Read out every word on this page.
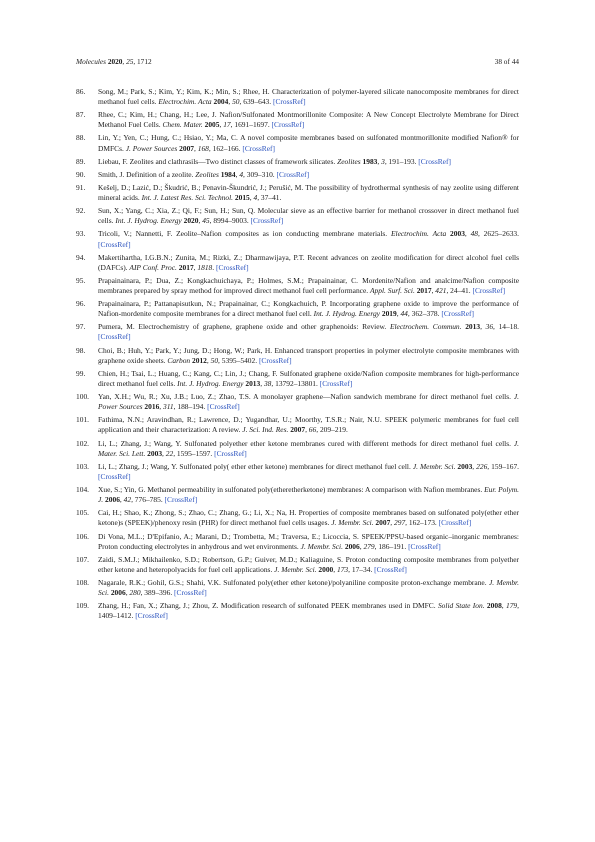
Molecules 2020, 25, 1712	38 of 44
86. Song, M.; Park, S.; Kim, Y.; Kim, K.; Min, S.; Rhee, H. Characterization of polymer-layered silicate nanocomposite membranes for direct methanol fuel cells. Electrochim. Acta 2004, 50, 639–643. [CrossRef]
87. Rhee, C.; Kim, H.; Chang, H.; Lee, J. Nafion/Sulfonated Montmorillonite Composite: A New Concept Electrolyte Membrane for Direct Methanol Fuel Cells. Chem. Mater. 2005, 17, 1691–1697. [CrossRef]
88. Lin, Y.; Yen, C.; Hung, C.; Hsiao, Y.; Ma, C. A novel composite membranes based on sulfonated montmorillonite modified Nafion® for DMFCs. J. Power Sources 2007, 168, 162–166. [CrossRef]
89. Liebau, F. Zeolites and clathrasils—Two distinct classes of framework silicates. Zeolites 1983, 3, 191–193. [CrossRef]
90. Smith, J. Definition of a zeolite. Zeolites 1984, 4, 309–310. [CrossRef]
91. Kešelj, D.; Lazić, D.; Škudrić, B.; Penavin-Škundrić, J.; Perušić, M. The possibility of hydrothermal synthesis of nay zeolite using different mineral acids. Int. J. Latest Res. Sci. Technol. 2015, 4, 37–41.
92. Sun, X.; Yang, C.; Xia, Z.; Qi, F.; Sun, H.; Sun, Q. Molecular sieve as an effective barrier for methanol crossover in direct methanol fuel cells. Int. J. Hydrog. Energy 2020, 45, 8994–9003. [CrossRef]
93. Tricoli, V.; Nannetti, F. Zeolite–Nafion composites as ion conducting membrane materials. Electrochim. Acta 2003, 48, 2625–2633. [CrossRef]
94. Makertihartha, I.G.B.N.; Zunita, M.; Rizki, Z.; Dharmawijaya, P.T. Recent advances on zeolite modification for direct alcohol fuel cells (DAFCs). AIP Conf. Proc. 2017, 1818. [CrossRef]
95. Prapainainara, P.; Dua, Z.; Kongkachuichaya, P.; Holmes, S.M.; Prapainainar, C. Mordenite/Nafion and analcime/Nafion composite membranes prepared by spray method for improved direct methanol fuel cell performance. Appl. Surf. Sci. 2017, 421, 24–41. [CrossRef]
96. Prapainainara, P.; Pattanapisutkun, N.; Prapainainar, C.; Kongkachuich, P. Incorporating graphene oxide to improve the performance of Nafion-mordenite composite membranes for a direct methanol fuel cell. Int. J. Hydrog. Energy 2019, 44, 362–378. [CrossRef]
97. Pumera, M. Electrochemistry of graphene, graphene oxide and other graphenoids: Review. Electrochem. Commun. 2013, 36, 14–18. [CrossRef]
98. Choi, B.; Huh, Y.; Park, Y.; Jung, D.; Hong, W.; Park, H. Enhanced transport properties in polymer electrolyte composite membranes with graphene oxide sheets. Carbon 2012, 50, 5395–5402. [CrossRef]
99. Chien, H.; Tsai, L.; Huang, C.; Kang, C.; Lin, J.; Chang, F. Sulfonated graphene oxide/Nafion composite membranes for high-performance direct methanol fuel cells. Int. J. Hydrog. Energy 2013, 38, 13792–13801. [CrossRef]
100. Yan, X.H.; Wu, R.; Xu, J.B.; Luo, Z.; Zhao, T.S. A monolayer graphene—Nafion sandwich membrane for direct methanol fuel cells. J. Power Sources 2016, 311, 188–194. [CrossRef]
101. Fathima, N.N.; Aravindhan, R.; Lawrence, D.; Yugandhar, U.; Moorthy, T.S.R.; Nair, N.U. SPEEK polymeric membranes for fuel cell application and their characterization: A review. J. Sci. Ind. Res. 2007, 66, 209–219.
102. Li, L.; Zhang, J.; Wang, Y. Sulfonated polyether ether ketone membranes cured with different methods for direct methanol fuel cells. J. Mater. Sci. Lett. 2003, 22, 1595–1597. [CrossRef]
103. Li, L.; Zhang, J.; Wang, Y. Sulfonated poly( ether ether ketone) membranes for direct methanol fuel cell. J. Membr. Sci. 2003, 226, 159–167. [CrossRef]
104. Xue, S.; Yin, G. Methanol permeability in sulfonated poly(etheretherketone) membranes: A comparison with Nafion membranes. Eur. Polym. J. 2006, 42, 776–785. [CrossRef]
105. Cai, H.; Shao, K.; Zhong, S.; Zhao, C.; Zhang, G.; Li, X.; Na, H. Properties of composite membranes based on sulfonated poly(ether ether ketone)s (SPEEK)/phenoxy resin (PHR) for direct methanol fuel cells usages. J. Membr. Sci. 2007, 297, 162–173. [CrossRef]
106. Di Vona, M.L.; D'Epifanio, A.; Marani, D.; Trombetta, M.; Traversa, E.; Licoccia, S. SPEEK/PPSU-based organic–inorganic membranes: Proton conducting electrolytes in anhydrous and wet environments. J. Membr. Sci. 2006, 279, 186–191. [CrossRef]
107. Zaidi, S.M.J.; Mikhailenko, S.D.; Robertson, G.P.; Guiver, M.D.; Kaliaguine, S. Proton conducting composite membranes from polyether ether ketone and heteropolyacids for fuel cell applications. J. Membr. Sci. 2000, 173, 17–34. [CrossRef]
108. Nagarale, R.K.; Gohil, G.S.; Shahi, V.K. Sulfonated poly(ether ether ketone)/polyaniline composite proton-exchange membrane. J. Membr. Sci. 2006, 280, 389–396. [CrossRef]
109. Zhang, H.; Fan, X.; Zhang, J.; Zhou, Z. Modification research of sulfonated PEEK membranes used in DMFC. Solid State Ion. 2008, 179, 1409–1412. [CrossRef]
